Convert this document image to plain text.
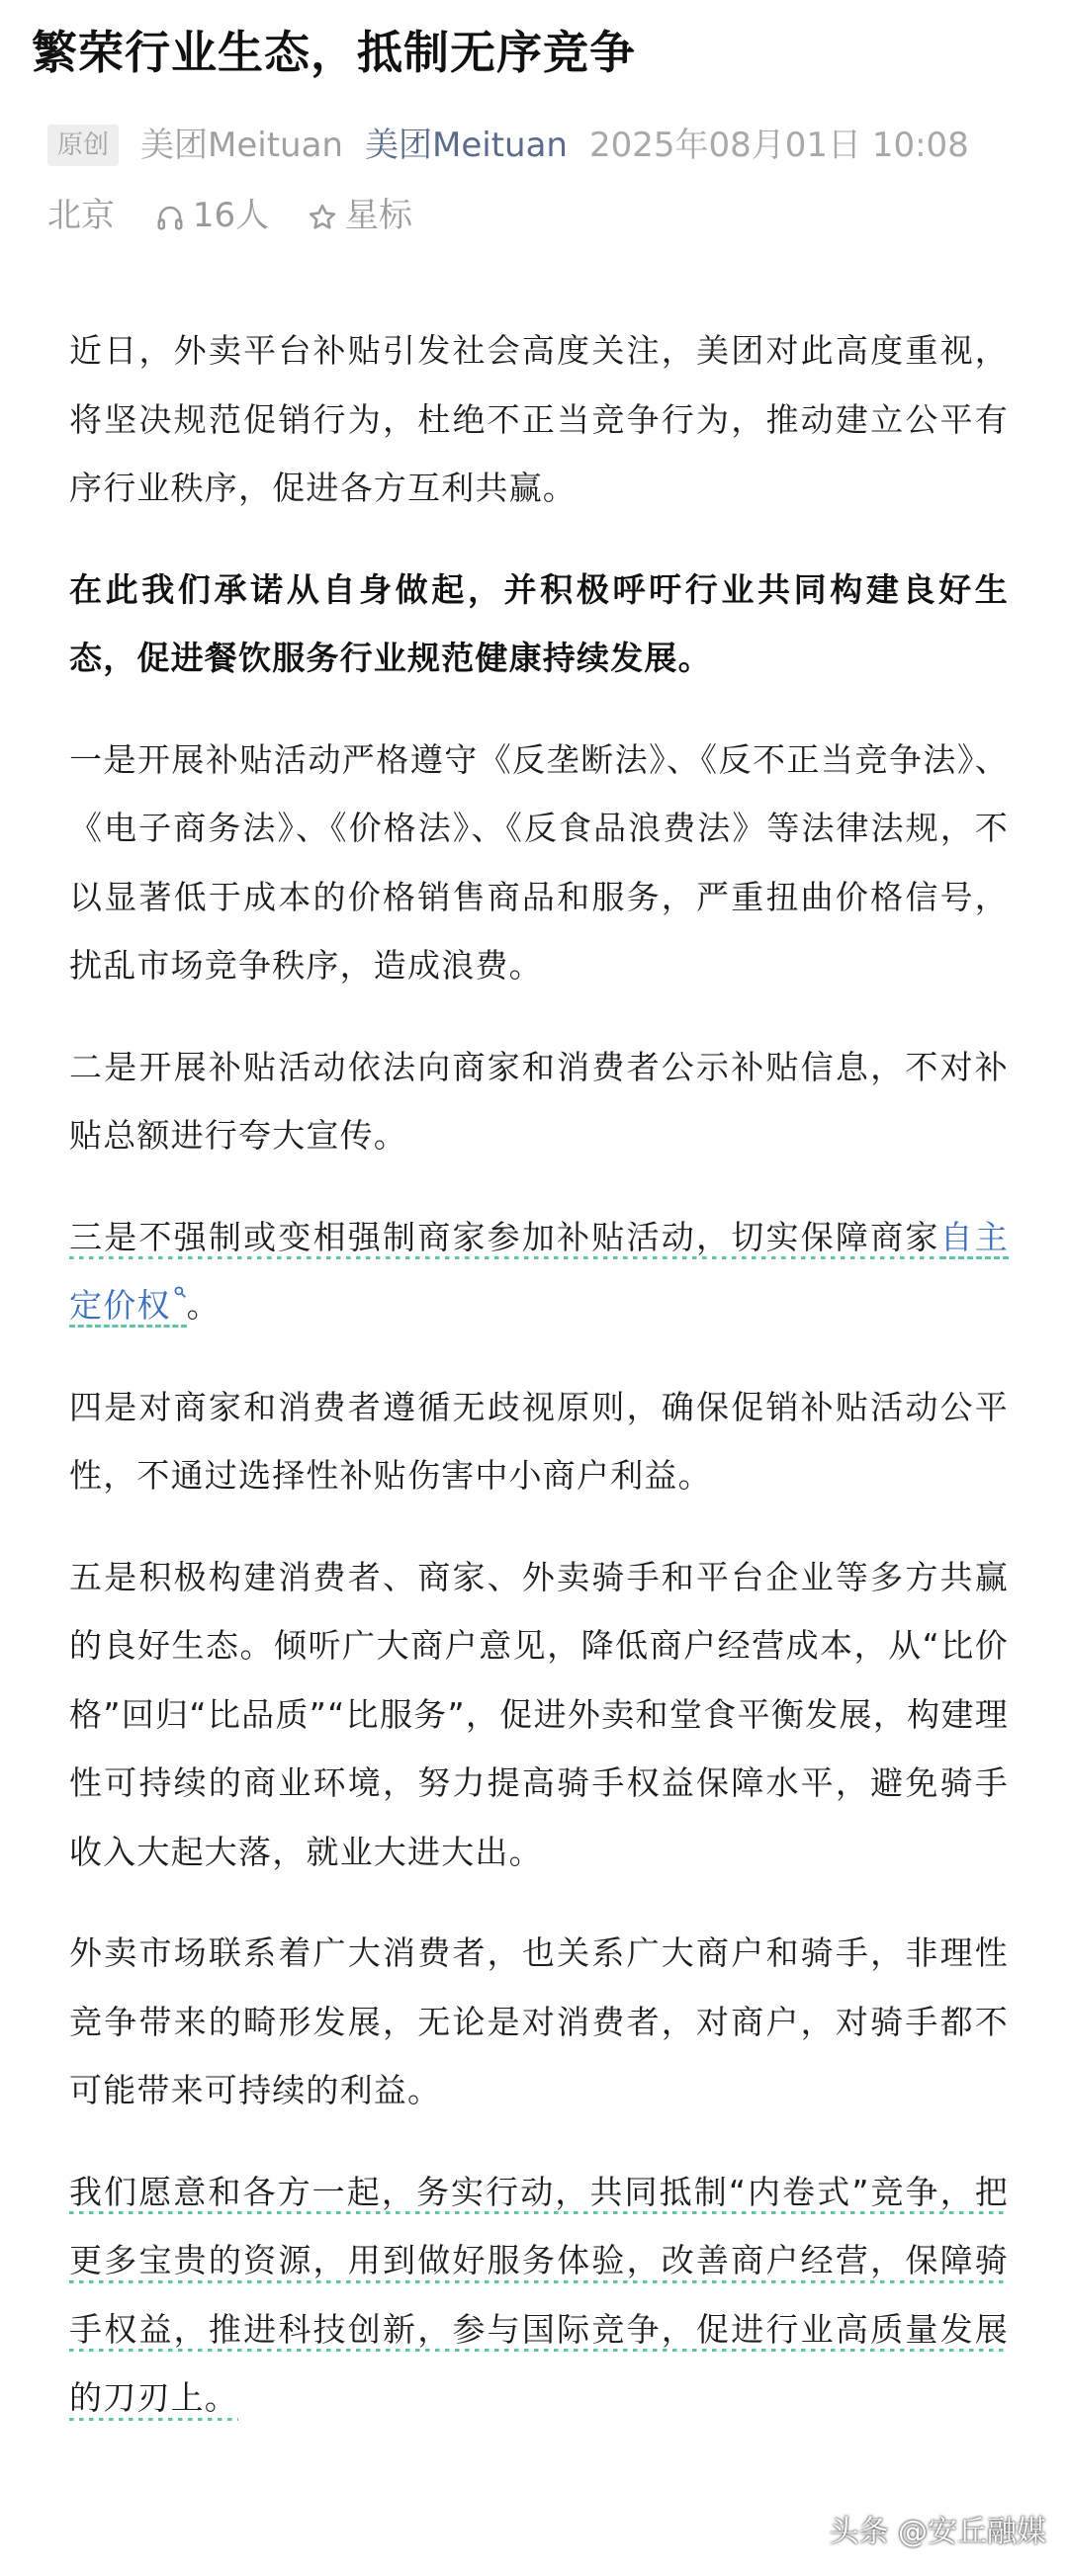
繁荣行业生态，抵制无序竞争
原创 美团Meituan 美团Meituan 2025年08月01日 10:08
北京 16人 星标

近日，外卖平台补贴引发社会高度关注，美团对此高度重视，将坚决规范促销行为，杜绝不正当竞争行为，推动建立公平有序行业秩序，促进各方互利共赢。

在此我们承诺从自身做起，并积极呼吁行业共同构建良好生态，促进餐饮服务行业规范健康持续发展。

一是开展补贴活动严格遵守《反垄断法》、《反不正当竞争法》、《电子商务法》、《价格法》、《反食品浪费法》等法律法规，不以显著低于成本的价格销售商品和服务，严重扭曲价格信号，扰乱市场竞争秩序，造成浪费。

二是开展补贴活动依法向商家和消费者公示补贴信息，不对补贴总额进行夸大宣传。

三是不强制或变相强制商家参加补贴活动，切实保障商家自主定价权 。

四是对商家和消费者遵循无歧视原则，确保促销补贴活动公平性，不通过选择性补贴伤害中小商户利益。

五是积极构建消费者、商家、外卖骑手和平台企业等多方共赢的良好生态。倾听广大商户意见，降低商户经营成本，从“比价格”回归“比品质”“比服务”，促进外卖和堂食平衡发展，构建理性可持续的商业环境，努力提高骑手权益保障水平，避免骑手收入大起大落，就业大进大出。

外卖市场联系着广大消费者，也关系广大商户和骑手，非理性竞争带来的畸形发展，无论是对消费者，对商户，对骑手都不可能带来可持续的利益。

我们愿意和各方一起，务实行动，共同抵制“内卷式”竞争，把更多宝贵的资源，用到做好服务体验，改善商户经营，保障骑手权益，推进科技创新，参与国际竞争，促进行业高质量发展的刀刃上。

头条 @安丘融媒
